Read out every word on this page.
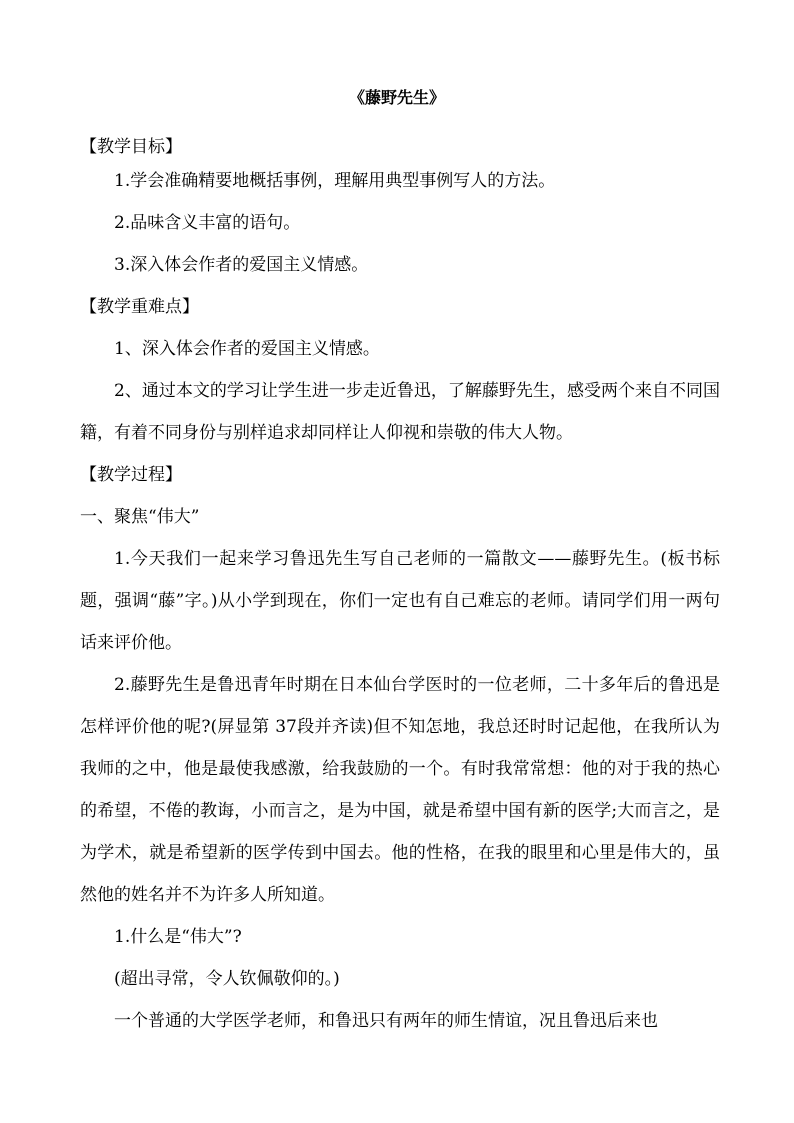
《藤野先生》
【教学目标】
1.学会准确精要地概括事例，理解用典型事例写人的方法。
2.品味含义丰富的语句。
3.深入体会作者的爱国主义情感。
【教学重难点】
1、深入体会作者的爱国主义情感。
2、通过本文的学习让学生进一步走近鲁迅，了解藤野先生，感受两个来自不同国籍，有着不同身份与别样追求却同样让人仰视和崇敬的伟大人物。
【教学过程】
一、聚焦“伟大”
1.今天我们一起来学习鲁迅先生写自己老师的一篇散文——藤野先生。(板书标题，强调“藤”字。)从小学到现在，你们一定也有自己难忘的老师。请同学们用一两句话来评价他。
2.藤野先生是鲁迅青年时期在日本仙台学医时的一位老师，二十多年后的鲁迅是怎样评价他的呢?(屏显第 37段并齐读)但不知怎地，我总还时时记起他，在我所认为我师的之中，他是最使我感激，给我鼓励的一个。有时我常常想：他的对于我的热心的希望，不倦的教诲，小而言之，是为中国，就是希望中国有新的医学;大而言之，是为学术，就是希望新的医学传到中国去。他的性格，在我的眼里和心里是伟大的，虽然他的姓名并不为许多人所知道。
1.什么是“伟大”?
(超出寻常，令人钦佩敬仰的。)
一个普通的大学医学老师，和鲁迅只有两年的师生情谊，况且鲁迅后来也
